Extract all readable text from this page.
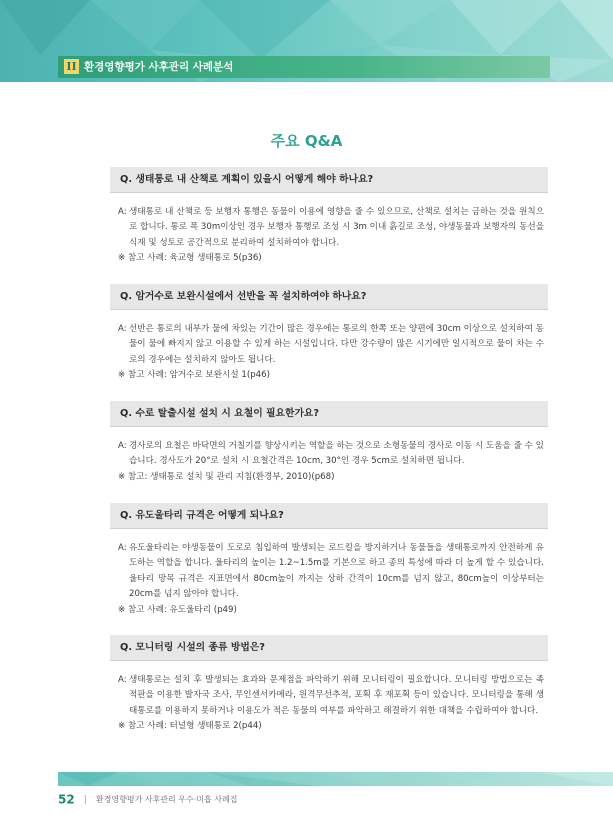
II 환경영향평가 사후관리 사례분석
주요 Q&A
Q. 생태통로 내 산책로 계획이 있을시 어떻게 해야 하나요?
A: 생태통로 내 산책로 등 보행자 통행은 동물이 이용에 영향을 줄 수 있으므로, 산책로 설치는 금하는 것을 원칙으로 합니다. 통로 폭 30m이상인 경우 보행자 통행로 조성 시 3m 이내 흙길로 조성, 야생동물과 보행자의 동선을 식재 및 성토로 공간적으로 분리하여 설치하여야 합니다.
※ 참고 사례: 육교형 생태통로 5(p36)
Q. 암거수로 보완시설에서 선반을 꼭 설치하여야 하나요?
A: 선반은 통로의 내부가 물에 차있는 기간이 많은 경우에는 통로의 한쪽 또는 양편에 30cm 이상으로 설치하여 동물이 물에 빠지지 않고 이용할 수 있게 하는 시설입니다. 다만 강수량이 많은 시기에만 일시적으로 물이 차는 수로의 경우에는 설치하지 않아도 됩니다.
※ 참고 사례: 암거수로 보완시설 1(p46)
Q. 수로 탈출시설 설치 시 요철이 필요한가요?
A: 경사로의 요철은 바닥면의 거칠기를 향상시키는 역할을 하는 것으로 소형동물의 경사로 이동 시 도움을 줄 수 있습니다. 경사도가 20°로 설치 시 요철간격은 10cm, 30°인 경우 5cm로 설치하면 됩니다.
※ 참고: 생태통로 설치 및 관리 지침(환경부, 2010)(p68)
Q. 유도울타리 규격은 어떻게 되나요?
A: 유도울타리는 야생동물이 도로로 침입하여 발생되는 로드킬을 방지하거나 동물들을 생태통로까지 안전하게 유도하는 역할을 합니다. 울타리의 높이는 1.2~1.5m를 기본으로 하고 종의 특성에 따라 더 높게 할 수 있습니다. 울타리 망목 규격은 지표면에서 80cm높이 까지는 상하 간격이 10cm를 넘지 않고, 80cm높이 이상부터는 20cm를 넘지 않아야 합니다.
※ 참고 사례: 유도울타리 (p49)
Q. 모니터링 시설의 종류 방법은?
A: 생태통로는 설치 후 발생되는 효과와 문제점을 파악하기 위해 모니터링이 필요합니다. 모니터링 방법으로는 족적판을 이용한 발자국 조사, 무인센서카메라, 원격무선추적, 포획 후 재포획 등이 있습니다. 모니터링을 통해 생태통로를 이용하지 못하거나 이용도가 적은 동물의 여부를 파악하고 해결하기 위한 대책을 수립하여야 합니다.
※ 참고 사례: 터널형 생태통로 2(p44)
52 | 환경영향평가 사후관리 우수·미흡 사례집
